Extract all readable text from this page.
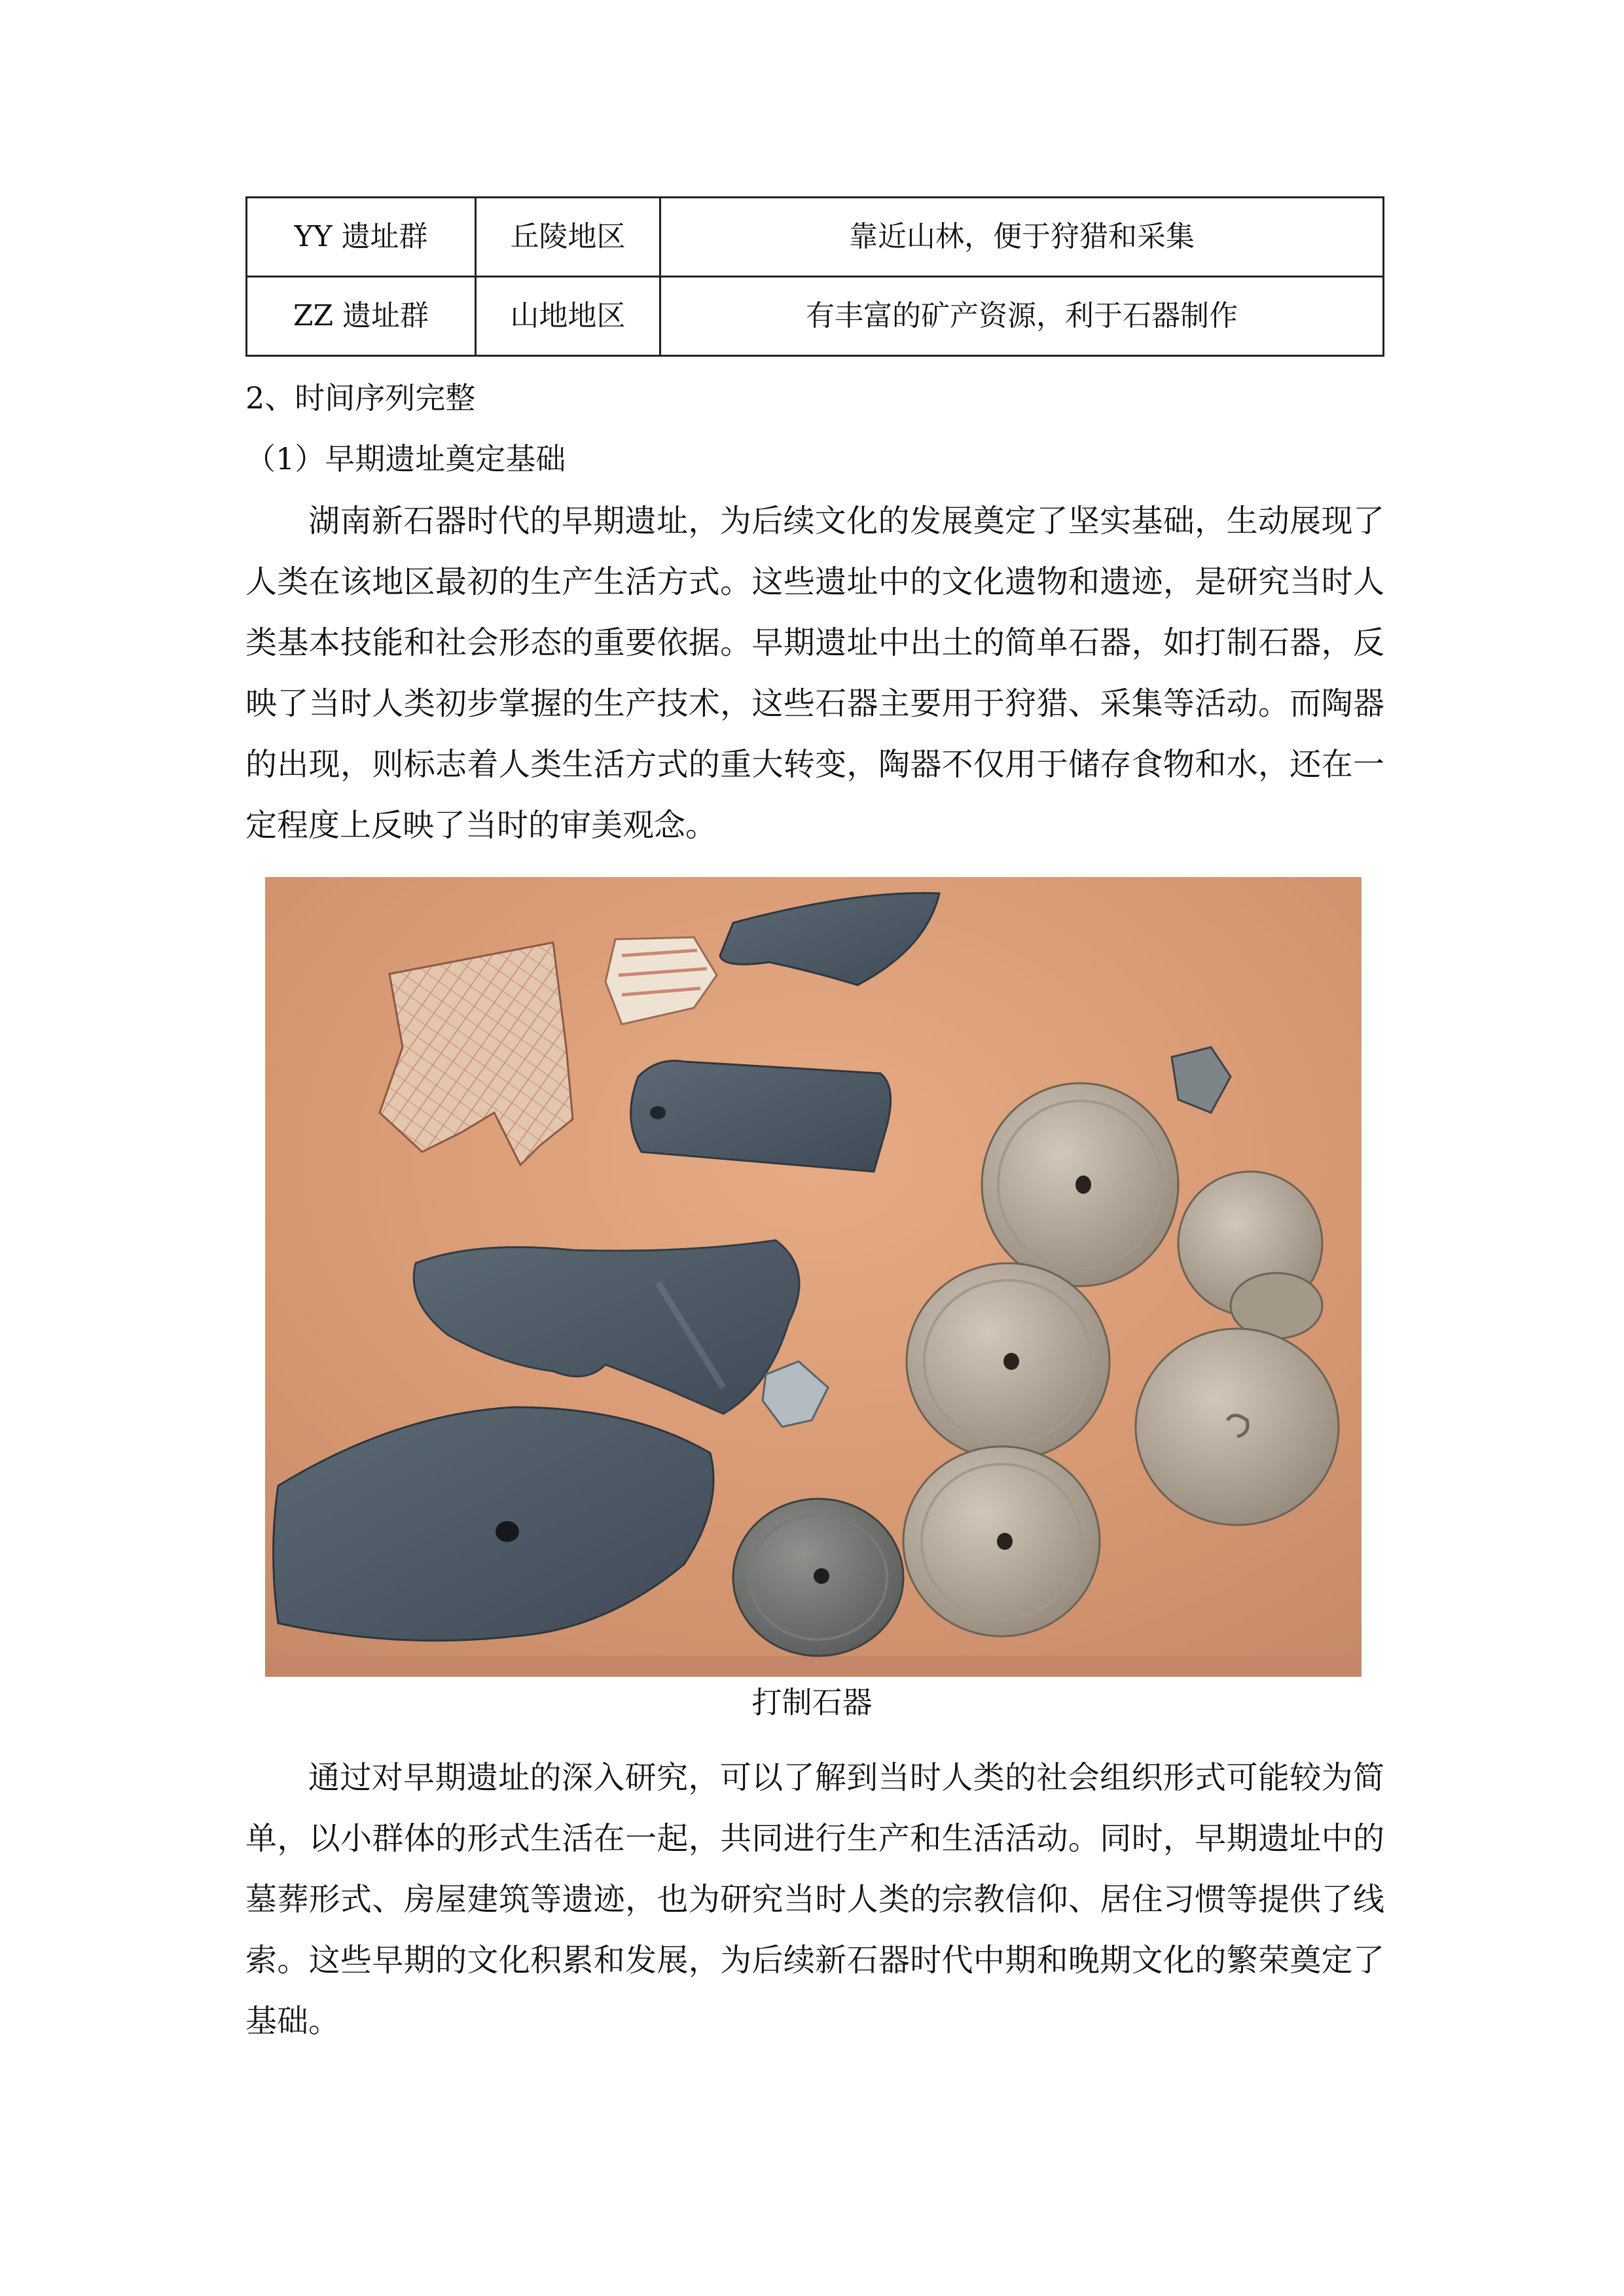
YY 遗址群	丘陵地区	靠近山林，便于狩猎和采集
ZZ 遗址群	山地地区	有丰富的矿产资源，利于石器制作
2、时间序列完整
（1）早期遗址奠定基础

湖南新石器时代的早期遗址，为后续文化的发展奠定了坚实基础，生动展现了人类在该地区最初的生产生活方式。这些遗址中的文化遗物和遗迹，是研究当时人类基本技能和社会形态的重要依据。早期遗址中出土的简单石器，如打制石器，反映了当时人类初步掌握的生产技术，这些石器主要用于狩猎、采集等活动。而陶器的出现，则标志着人类生活方式的重大转变，陶器不仅用于储存食物和水，还在一定程度上反映了当时的审美观念。

打制石器

通过对早期遗址的深入研究，可以了解到当时人类的社会组织形式可能较为简单，以小群体的形式生活在一起，共同进行生产和生活活动。同时，早期遗址中的墓葬形式、房屋建筑等遗迹，也为研究当时人类的宗教信仰、居住习惯等提供了线索。这些早期的文化积累和发展，为后续新石器时代中期和晚期文化的繁荣奠定了基础。
